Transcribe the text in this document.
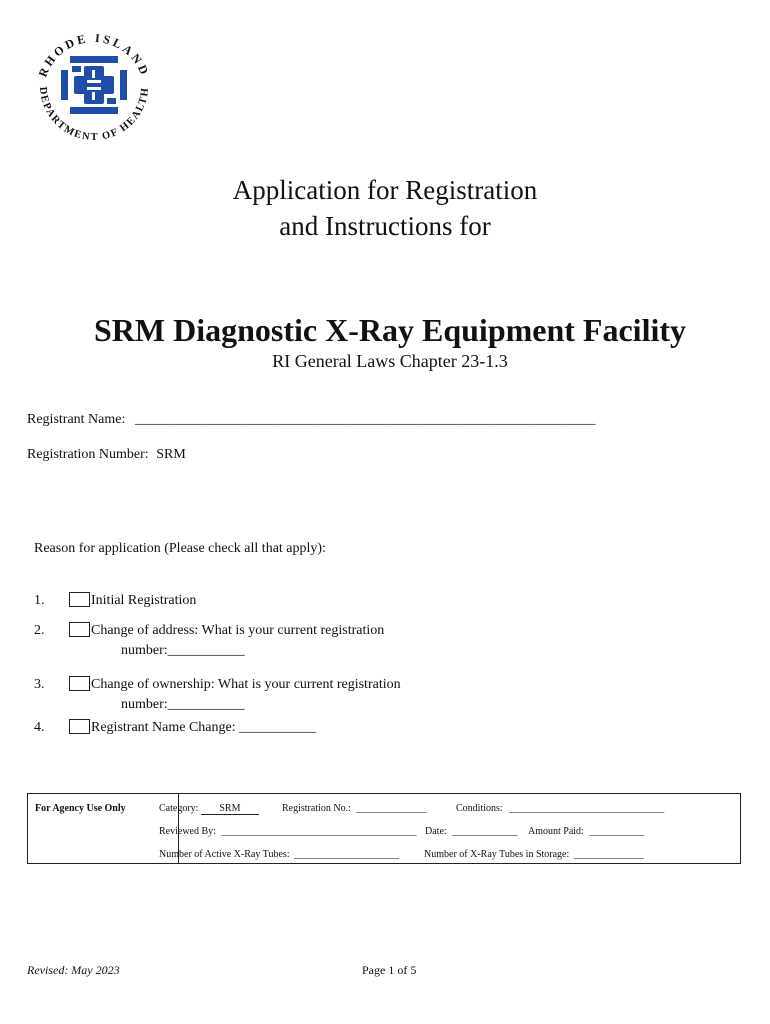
RHODE ISLAND
DEPARTMENT OF HEALTH
Application for Registration
and Instructions for
SRM Diagnostic X-Ray Equipment Facility
RI General Laws Chapter 23-1.3
Registrant Name: ________________________________________________________________
Registration Number: SRM
Reason for application (Please check all that apply):
1.	Initial Registration
2.	Change of address: What is your current registration
number:___________
3.	Change of ownership: What is your current registration
number:___________
4.	Registrant Name Change: ___________
For Agency Use Only	Category: SRM	Registration No.: ______________	Conditions: _______________________________
Reviewed By: _______________________________________ Date: _____________ Amount Paid: ___________
Number of Active X-Ray Tubes: _____________________ Number of X-Ray Tubes in Storage: ______________
Revised: May 2023	Page 1 of 5
